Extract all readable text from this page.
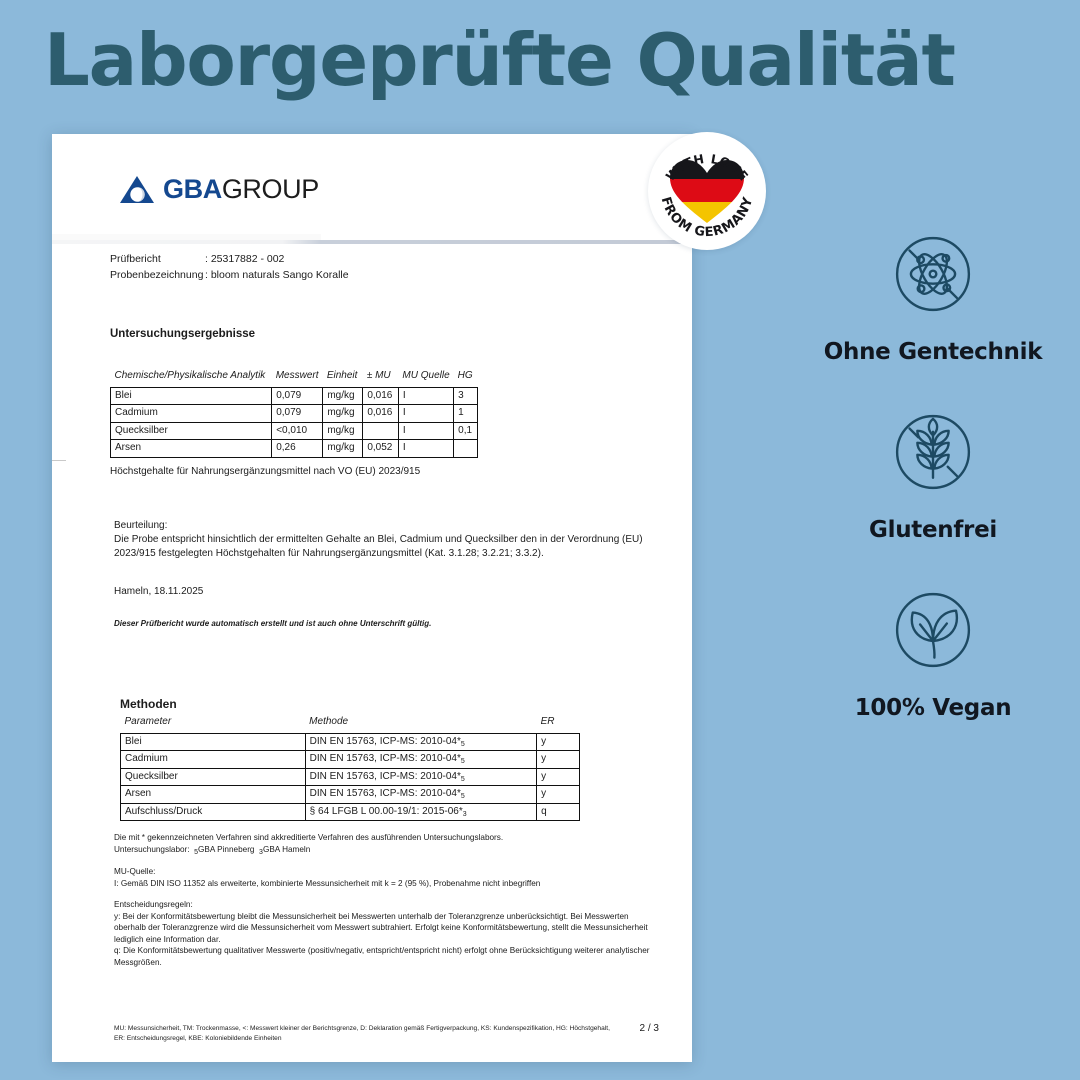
Laborgeprüfte Qualität
GBAGROUP
Prüfbericht	: 25317882 - 002
Probenbezeichnung : bloom naturals Sango Koralle
Untersuchungsergebnisse
Chemische/Physikalische Analytik	Messwert	Einheit	± MU	MU Quelle	HG
Blei	0,079	mg/kg	0,016	I	3
Cadmium	0,079	mg/kg	0,016	I	1
Quecksilber	<0,010	mg/kg		I	0,1
Arsen	0,26	mg/kg	0,052	I	
Höchstgehalte für Nahrungsergänzungsmittel nach VO (EU) 2023/915
Beurteilung:

Die Probe entspricht hinsichtlich der ermittelten Gehalte an Blei, Cadmium und Quecksilber den in der Verordnung (EU) 2023/915 festgelegten Höchstgehalten für Nahrungsergänzungsmittel (Kat. 3.1.28; 3.2.21; 3.3.2).

Hameln, 18.11.2025
Dieser Prüfbericht wurde automatisch erstellt und ist auch ohne Unterschrift gültig.
Methoden
Parameter	Methode	ER
Blei	DIN EN 15763, ICP-MS: $2010-04*_5$	y
Cadmium	DIN EN 15763, ICP-MS: $2010-04*_5$	y
Quecksilber	DIN EN 15763, ICP-MS: $2010-04*_5$	y
Arsen	DIN EN 15763, ICP-MS: $2010-04*_5$	y
Aufschluss/Druck	§ 64 LFGB L 00.00-19/1: $2015-06*_3$	q
Die mit * gekennzeichneten Verfahren sind akkreditierte Verfahren des ausführenden Untersuchungslabors.
Untersuchungslabor: $_5$GBA Pinneberg $_3$GBA Hameln
MU-Quelle:
I: Gemäß DIN ISO 11352 als erweiterte, kombinierte Messunsicherheit mit k = 2 (95 %), Probenahme nicht inbegriffen
Entscheidungsregeln:
y: Bei der Konformitätsbewertung bleibt die Messunsicherheit bei Messwerten unterhalb der Toleranzgrenze unberücksichtigt. Bei Messwerten oberhalb der Toleranzgrenze wird die Messunsicherheit vom Messwert subtrahiert. Erfolgt keine Konformitätsbewertung, stellt die Messunsicherheit lediglich eine Information dar.
q: Die Konformitätsbewertung qualitativer Messwerte (positiv/negativ, entspricht/entspricht nicht) erfolgt ohne Berücksichtigung weiterer analytischer Messgrößen.
MU: Messunsicherheit, TM: Trockenmasse, <: Messwert kleiner der Berichtsgrenze, D: Deklaration gemäß Fertigverpackung, KS: Kundenspezifikation, HG: Höchstgehalt,
ER: Entscheidungsregel, KBE: Koloniebildende Einheiten
2 / 3
WITH LOVE
FROM GERMANY
Ohne Gentechnik
Glutenfrei
100% Vegan
